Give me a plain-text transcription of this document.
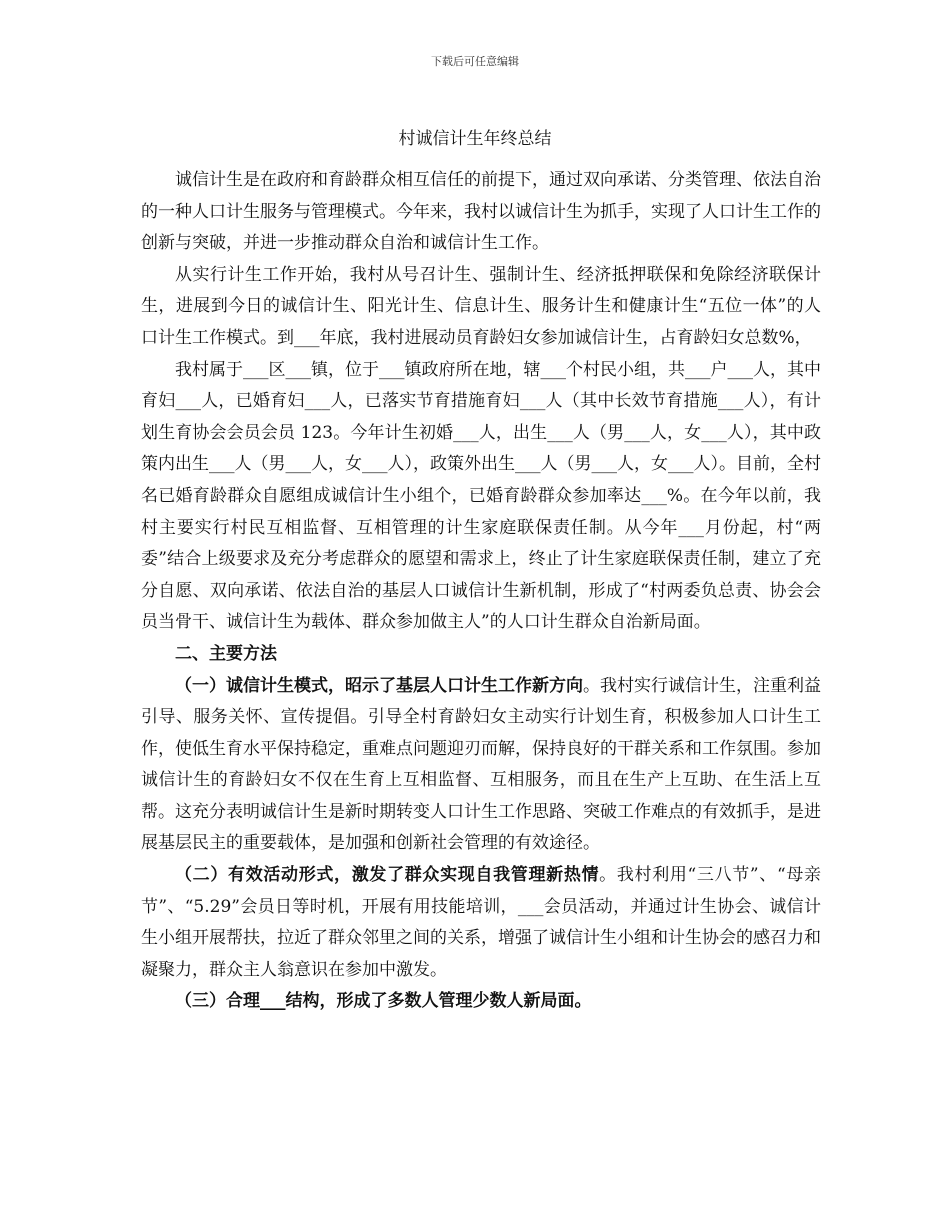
下载后可任意编辑
村诚信计生年终总结

诚信计生是在政府和育龄群众相互信任的前提下，通过双向承诺、分类管理、依法自治的一种人口计生服务与管理模式。今年来，我村以诚信计生为抓手，实现了人口计生工作的创新与突破，并进一步推动群众自治和诚信计生工作。

从实行计生工作开始，我村从号召计生、强制计生、经济抵押联保和免除经济联保计生，进展到今日的诚信计生、阳光计生、信息计生、服务计生和健康计生“五位一体”的人口计生工作模式。到___年底，我村进展动员育龄妇女参加诚信计生，占育龄妇女总数%，

我村属于___区___镇，位于___镇政府所在地，辖___个村民小组，共___户___人，其中育妇___人，已婚育妇___人，已落实节育措施育妇___人（其中长效节育措施___人），有计划生育协会会员会员 123。今年计生初婚___人，出生___人（男___人，女___人），其中政策内出生___人（男___人，女___人），政策外出生___人（男___人，女___人）。目前，全村名已婚育龄群众自愿组成诚信计生小组个，已婚育龄群众参加率达___%。在今年以前，我村主要实行村民互相监督、互相管理的计生家庭联保责任制。从今年___月份起，村“两委”结合上级要求及充分考虑群众的愿望和需求上，终止了计生家庭联保责任制，建立了充分自愿、双向承诺、依法自治的基层人口诚信计生新机制，形成了“村两委负总责、协会会员当骨干、诚信计生为载体、群众参加做主人”的人口计生群众自治新局面。

二、主要方法

（一）诚信计生模式，昭示了基层人口计生工作新方向。我村实行诚信计生，注重利益引导、服务关怀、宣传提倡。引导全村育龄妇女主动实行计划生育，积极参加人口计生工作，使低生育水平保持稳定，重难点问题迎刃而解，保持良好的干群关系和工作氛围。参加诚信计生的育龄妇女不仅在生育上互相监督、互相服务，而且在生产上互助、在生活上互帮。这充分表明诚信计生是新时期转变人口计生工作思路、突破工作难点的有效抓手，是进展基层民主的重要载体，是加强和创新社会管理的有效途径。

（二）有效活动形式，激发了群众实现自我管理新热情。我村利用“三八节”、“母亲节”、“5.29”会员日等时机，开展有用技能培训，___会员活动，并通过计生协会、诚信计生小组开展帮扶，拉近了群众邻里之间的关系，增强了诚信计生小组和计生协会的感召力和凝聚力，群众主人翁意识在参加中激发。

（三）合理___结构，形成了多数人管理少数人新局面。
